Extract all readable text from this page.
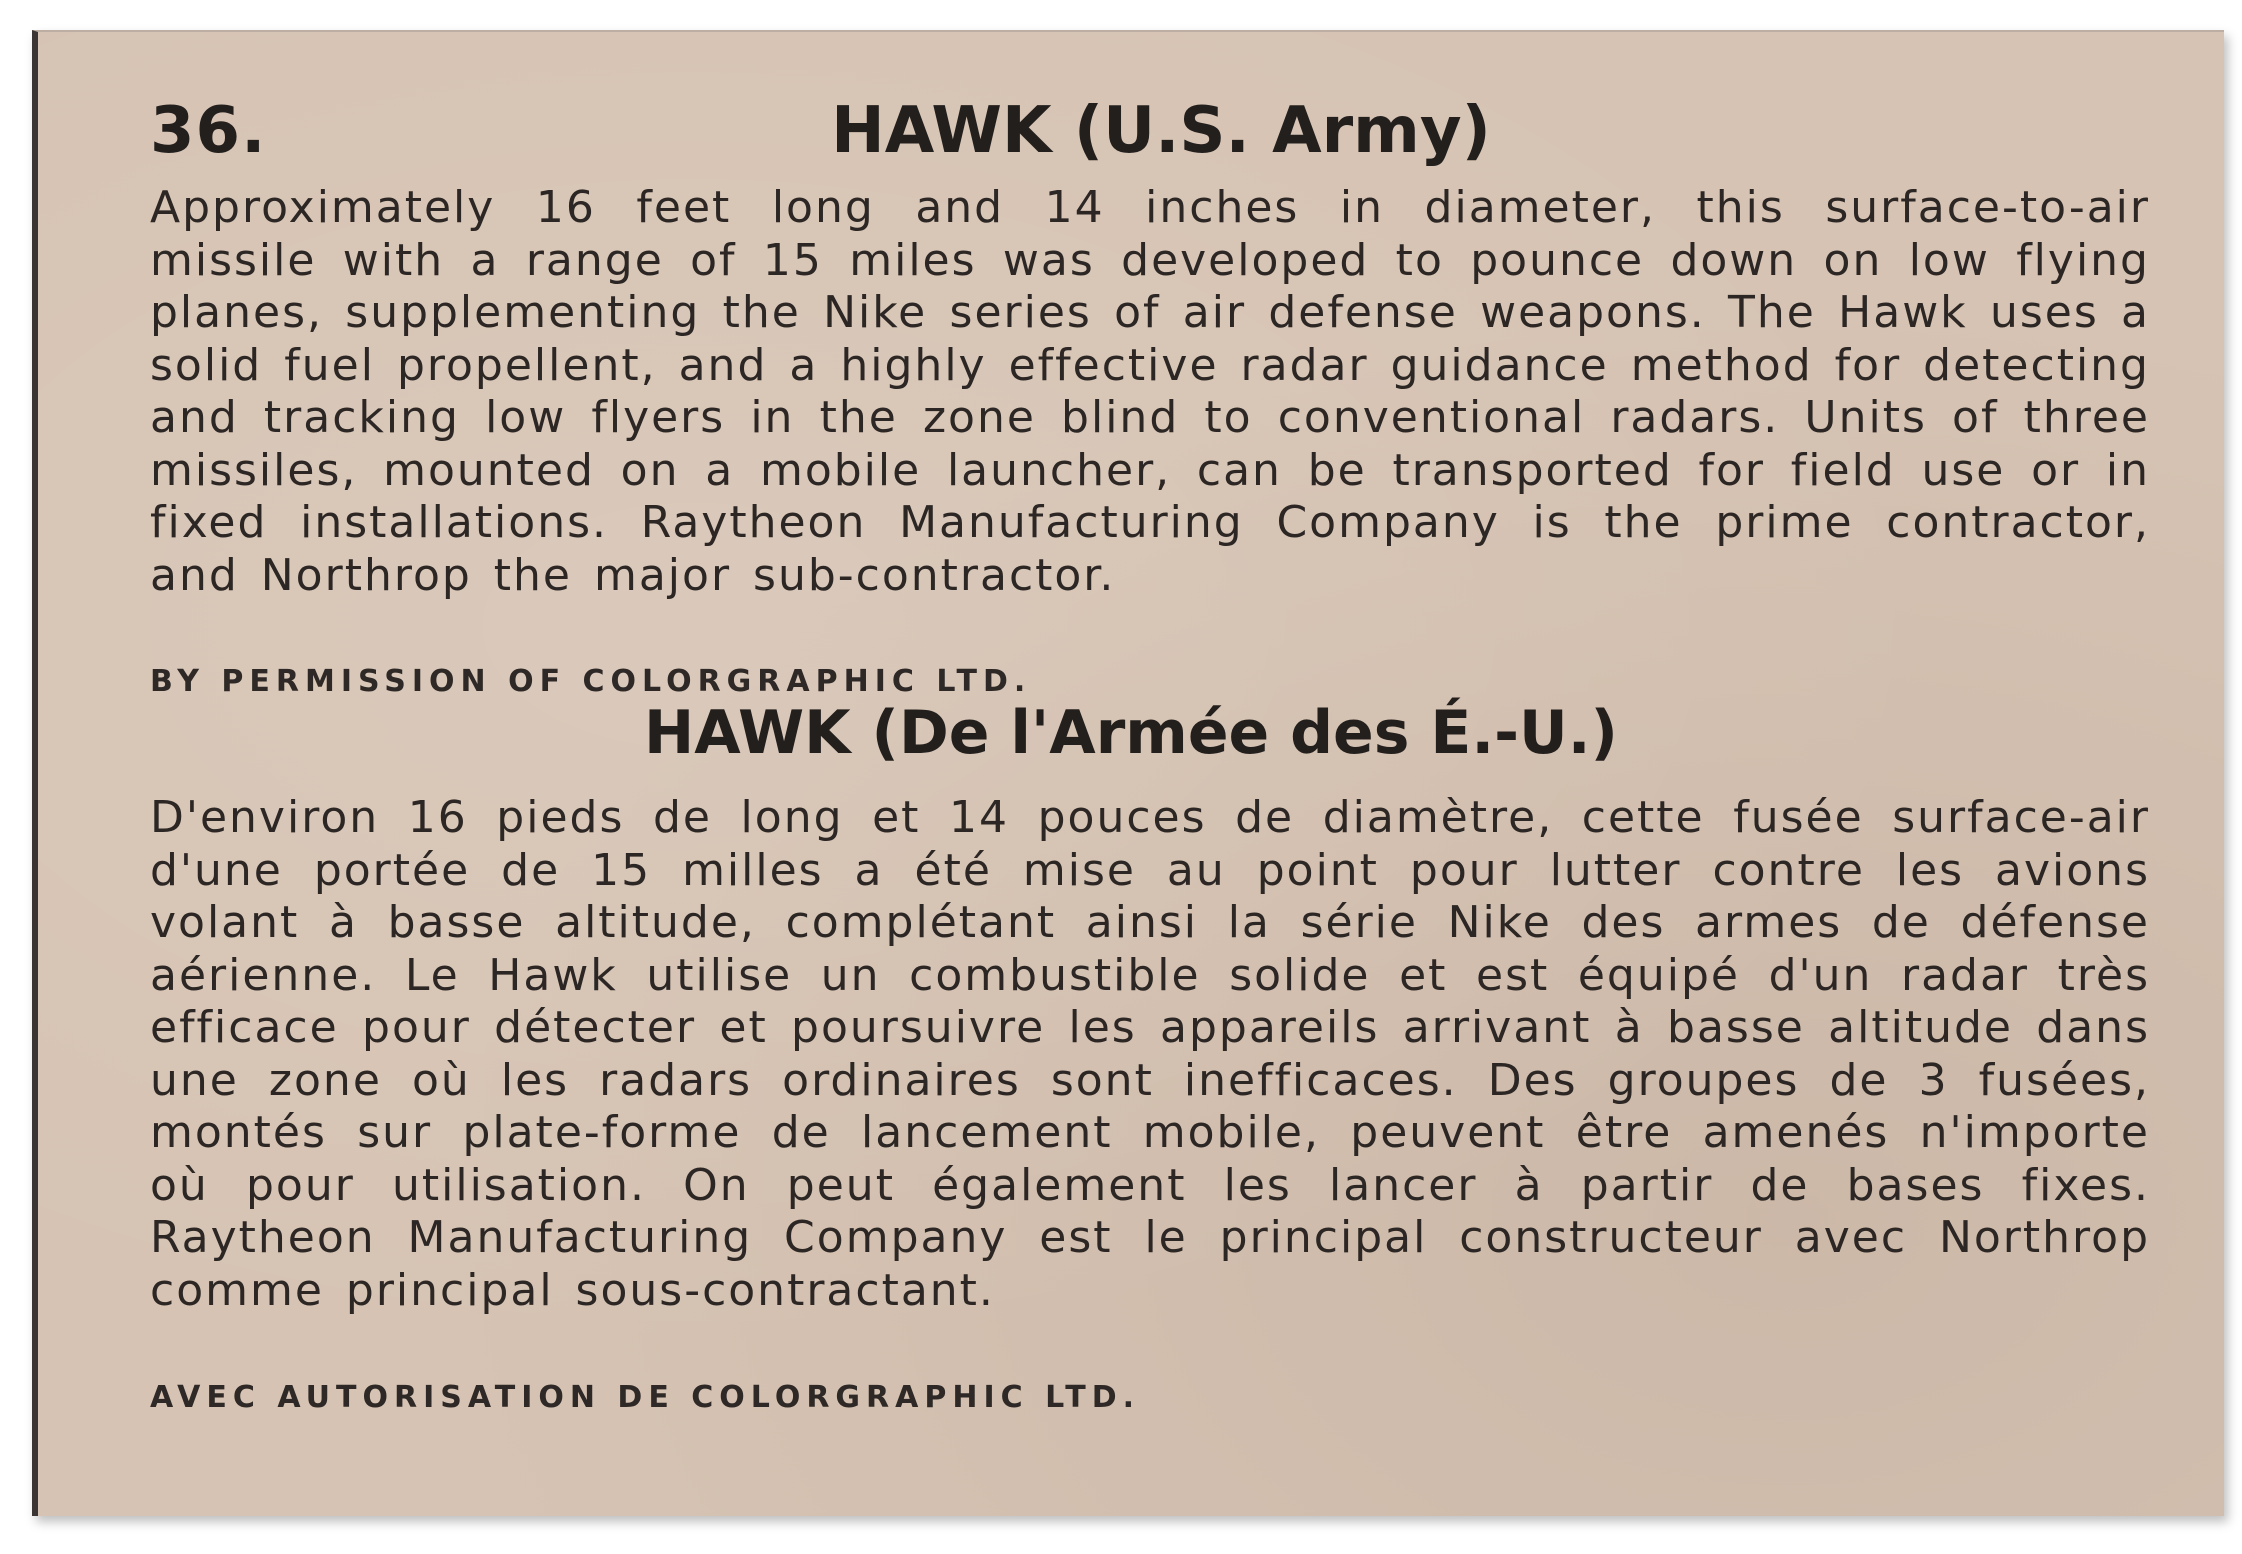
36.	HAWK (U.S. Army)
Approximately 16 feet long and 14 inches in diameter, this surface-to-air missile with a range of 15 miles was developed to pounce down on low flying planes, supplementing the Nike series of air defense weapons. The Hawk uses a solid fuel propellent, and a highly effective radar guidance method for detecting and tracking low flyers in the zone blind to conventional radars. Units of three missiles, mounted on a mobile launcher, can be transported for field use or in fixed installations. Raytheon Manufacturing Company is the prime contractor, and Northrop the major sub-contractor.
BY PERMISSION OF COLORGRAPHIC LTD.
HAWK (De l'Armée des É.-U.)
D'environ 16 pieds de long et 14 pouces de diamètre, cette fusée surface-air d'une portée de 15 milles a été mise au point pour lutter contre les avions volant à basse altitude, complétant ainsi la série Nike des armes de défense aérienne. Le Hawk utilise un combustible solide et est équipé d'un radar très efficace pour détecter et poursuivre les appareils arrivant à basse altitude dans une zone où les radars ordinaires sont inefficaces. Des groupes de 3 fusées, montés sur plate-forme de lancement mobile, peuvent être amenés n'importe où pour utilisation. On peut également les lancer à partir de bases fixes. Raytheon Manufacturing Company est le principal constructeur avec Northrop comme principal sous-contractant.
AVEC AUTORISATION DE COLORGRAPHIC LTD.
